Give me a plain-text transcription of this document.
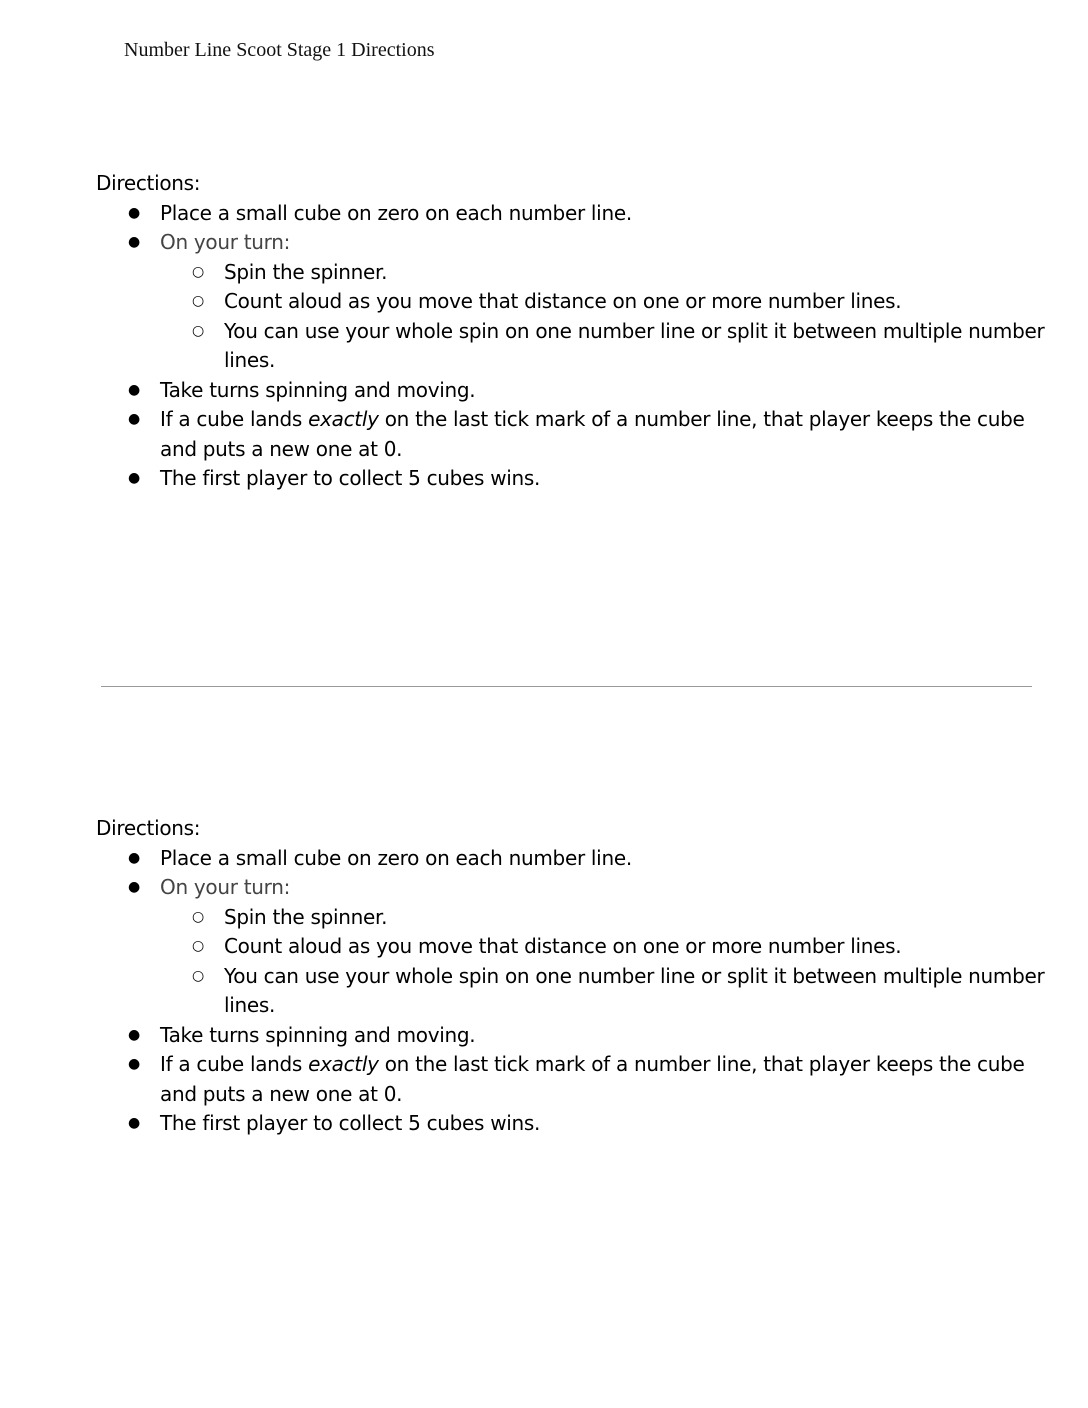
Number Line Scoot Stage 1 Directions

Directions:

● Place a small cube on zero on each number line.
● On your turn:
○ Spin the spinner.
○ Count aloud as you move that distance on one or more number lines.
○ You can use your whole spin on one number line or split it between multiple number lines.
● Take turns spinning and moving.
● If a cube lands exactly on the last tick mark of a number line, that player keeps the cube and puts a new one at 0.
● The first player to collect 5 cubes wins.

Directions:

● Place a small cube on zero on each number line.
● On your turn:
○ Spin the spinner.
○ Count aloud as you move that distance on one or more number lines.
○ You can use your whole spin on one number line or split it between multiple number lines.
● Take turns spinning and moving.
● If a cube lands exactly on the last tick mark of a number line, that player keeps the cube and puts a new one at 0.
● The first player to collect 5 cubes wins.
